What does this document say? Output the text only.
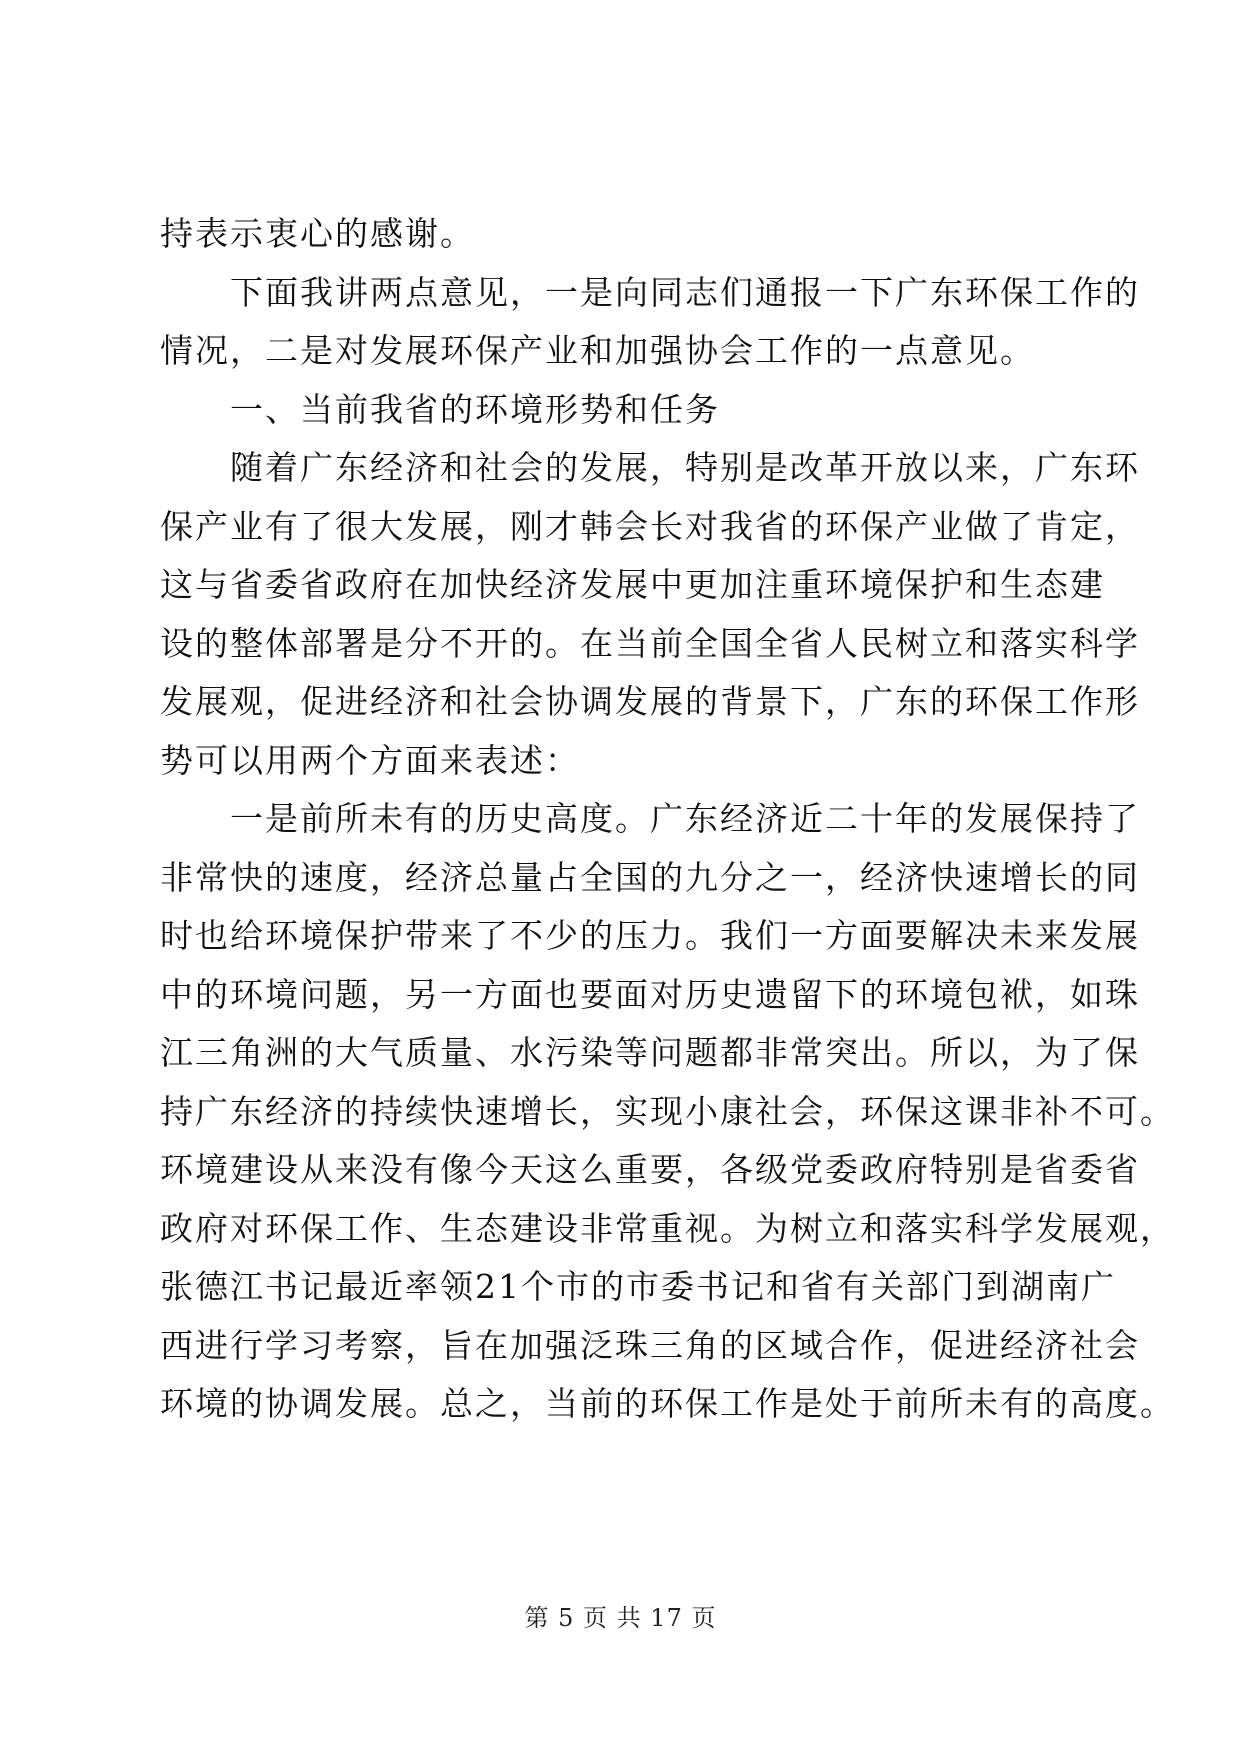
持表示衷心的感谢。
　　下面我讲两点意见，一是向同志们通报一下广东环保工作的
情况，二是对发展环保产业和加强协会工作的一点意见。
　　一、当前我省的环境形势和任务
　　随着广东经济和社会的发展，特别是改革开放以来，广东环
保产业有了很大发展，刚才韩会长对我省的环保产业做了肯定，
这与省委省政府在加快经济发展中更加注重环境保护和生态建
设的整体部署是分不开的。在当前全国全省人民树立和落实科学
发展观，促进经济和社会协调发展的背景下，广东的环保工作形
势可以用两个方面来表述：
　　一是前所未有的历史高度。广东经济近二十年的发展保持了
非常快的速度，经济总量占全国的九分之一，经济快速增长的同
时也给环境保护带来了不少的压力。我们一方面要解决未来发展
中的环境问题，另一方面也要面对历史遗留下的环境包袱，如珠
江三角洲的大气质量、水污染等问题都非常突出。所以，为了保
持广东经济的持续快速增长，实现小康社会，环保这课非补不可。
环境建设从来没有像今天这么重要，各级党委政府特别是省委省
政府对环保工作、生态建设非常重视。为树立和落实科学发展观，
张德江书记最近率领21个市的市委书记和省有关部门到湖南广
西进行学习考察，旨在加强泛珠三角的区域合作，促进经济社会
环境的协调发展。总之，当前的环保工作是处于前所未有的高度。
第 5 页 共 17 页
